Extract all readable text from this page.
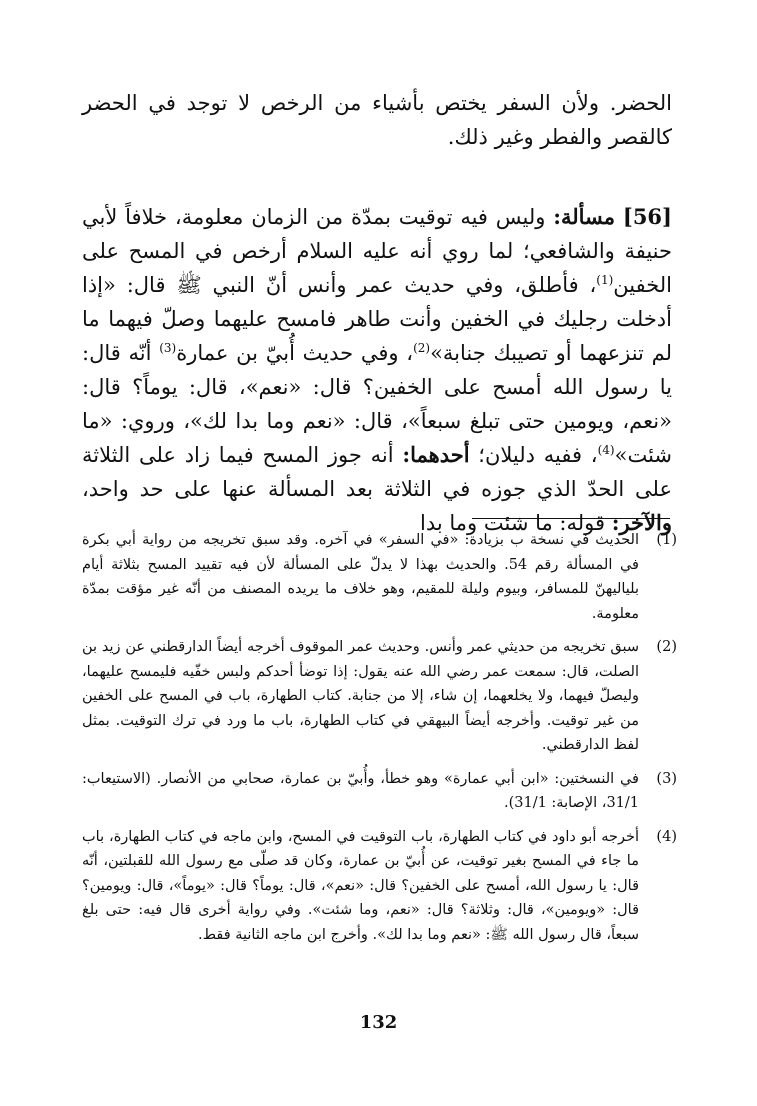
الحضر. ولأن السفر يختص بأشياء من الرخص لا توجد في الحضر كالقصر والفطر وغير ذلك.

[56] مسألة: وليس فيه توقيت بمدّة من الزمان معلومة، خلافاً لأبي حنيفة والشافعي؛ لما روي أنه عليه السلام أرخص في المسح على الخفين$^{(1)}$، فأطلق، وفي حديث عمر وأنس أنّ النبي ﷺ قال: «إذا أدخلت رجليك في الخفين وأنت طاهر فامسح عليهما وصلّ فيهما ما لم تنزعهما أو تصيبك جنابة»$^{(2)}$، وفي حديث أُبيّ بن عمارة$^{(3)}$ أنّه قال: يا رسول الله أمسح على الخفين؟ قال: «نعم»، قال: يوماً؟ قال: «نعم، ويومين حتى تبلغ سبعاً»، قال: «نعم وما بدا لك»، وروي: «ما شئت»$^{(4)}$، ففيه دليلان؛ أحدهما: أنه جوز المسح فيما زاد على الثلاثة على الحدّ الذي جوزه في الثلاثة بعد المسألة عنها على حد واحد، والآخر: قوله: ما شئت وما بدا

(1)
الحديث في نسخة ب بزيادة: «في السفر» في آخره. وقد سبق تخريجه من رواية أبي بكرة في المسألة رقم 54. والحديث بهذا لا يدلّ على المسألة لأن فيه تقييد المسح بثلاثة أيام بلياليهنّ للمسافر، وبيوم وليلة للمقيم، وهو خلاف ما يريده المصنف من أنّه غير مؤقت بمدّة معلومة.
(2)
سبق تخريجه من حديثي عمر وأنس. وحديث عمر الموقوف أخرجه أيضاً الدارقطني عن زيد بن الصلت، قال: سمعت عمر رضي الله عنه يقول: إذا توضأ أحدكم ولبس خفّيه فليمسح عليهما، وليصلّ فيهما، ولا يخلعهما، إن شاء، إلا من جنابة. كتاب الطهارة، باب في المسح على الخفين من غير توقيت. وأخرجه أيضاً البيهقي في كتاب الطهارة، باب ما ورد في ترك التوقيت. بمثل لفظ الدارقطني.
(3)
في النسختين: «ابن أبي عمارة» وهو خطأ، وأُبيّ بن عمارة، صحابي من الأنصار. (الاستيعاب: 31/1، الإصابة: 31/1).
(4)
أخرجه أبو داود في كتاب الطهارة، باب التوقيت في المسح، وابن ماجه في كتاب الطهارة، باب ما جاء في المسح بغير توقيت، عن أُبيّ بن عمارة، وكان قد صلّى مع رسول الله للقبلتين، أنّه قال: يا رسول الله، أمسح على الخفين؟ قال: «نعم»، قال: يوماً؟ قال: «يوماً»، قال: ويومين؟ قال: «ويومين»، قال: وثلاثة؟ قال: «نعم، وما شئت». وفي رواية أخرى قال فيه: حتى بلغ سبعاً، قال رسول الله ﷺ: «نعم وما بدا لك». وأخرج ابن ماجه الثانية فقط.
132
